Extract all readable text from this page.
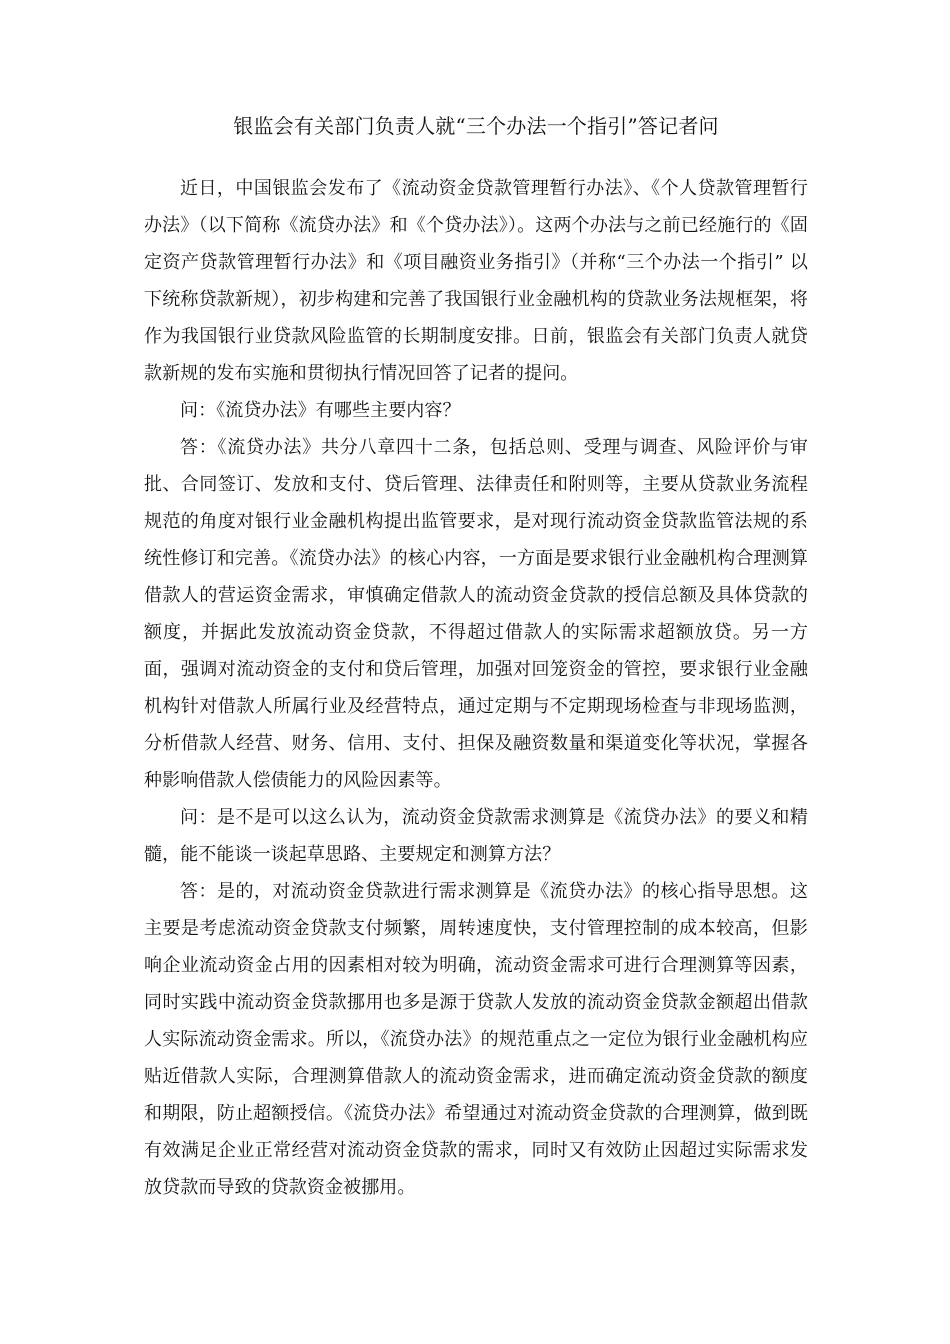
银监会有关部门负责人就“三个办法一个指引”答记者问

近日，中国银监会发布了《流动资金贷款管理暂行办法》、《个人贷款管理暂行办法》（以下简称《流贷办法》和《个贷办法》）。这两个办法与之前已经施行的《固定资产贷款管理暂行办法》和《项目融资业务指引》（并称“三个办法一个指引” 以下统称贷款新规），初步构建和完善了我国银行业金融机构的贷款业务法规框架，将作为我国银行业贷款风险监管的长期制度安排。日前，银监会有关部门负责人就贷款新规的发布实施和贯彻执行情况回答了记者的提问。

问：《流贷办法》有哪些主要内容？

答：《流贷办法》共分八章四十二条，包括总则、受理与调查、风险评价与审批、合同签订、发放和支付、贷后管理、法律责任和附则等，主要从贷款业务流程规范的角度对银行业金融机构提出监管要求，是对现行流动资金贷款监管法规的系统性修订和完善。《流贷办法》的核心内容，一方面是要求银行业金融机构合理测算借款人的营运资金需求，审慎确定借款人的流动资金贷款的授信总额及具体贷款的额度，并据此发放流动资金贷款，不得超过借款人的实际需求超额放贷。另一方面，强调对流动资金的支付和贷后管理，加强对回笼资金的管控，要求银行业金融机构针对借款人所属行业及经营特点，通过定期与不定期现场检查与非现场监测，分析借款人经营、财务、信用、支付、担保及融资数量和渠道变化等状况，掌握各种影响借款人偿债能力的风险因素等。

问：是不是可以这么认为，流动资金贷款需求测算是《流贷办法》的要义和精髓，能不能谈一谈起草思路、主要规定和测算方法？

答：是的，对流动资金贷款进行需求测算是《流贷办法》的核心指导思想。这主要是考虑流动资金贷款支付频繁，周转速度快，支付管理控制的成本较高，但影响企业流动资金占用的因素相对较为明确，流动资金需求可进行合理测算等因素，同时实践中流动资金贷款挪用也多是源于贷款人发放的流动资金贷款金额超出借款人实际流动资金需求。所以，《流贷办法》的规范重点之一定位为银行业金融机构应贴近借款人实际，合理测算借款人的流动资金需求，进而确定流动资金贷款的额度和期限，防止超额授信。《流贷办法》希望通过对流动资金贷款的合理测算，做到既有效满足企业正常经营对流动资金贷款的需求，同时又有效防止因超过实际需求发放贷款而导致的贷款资金被挪用。
